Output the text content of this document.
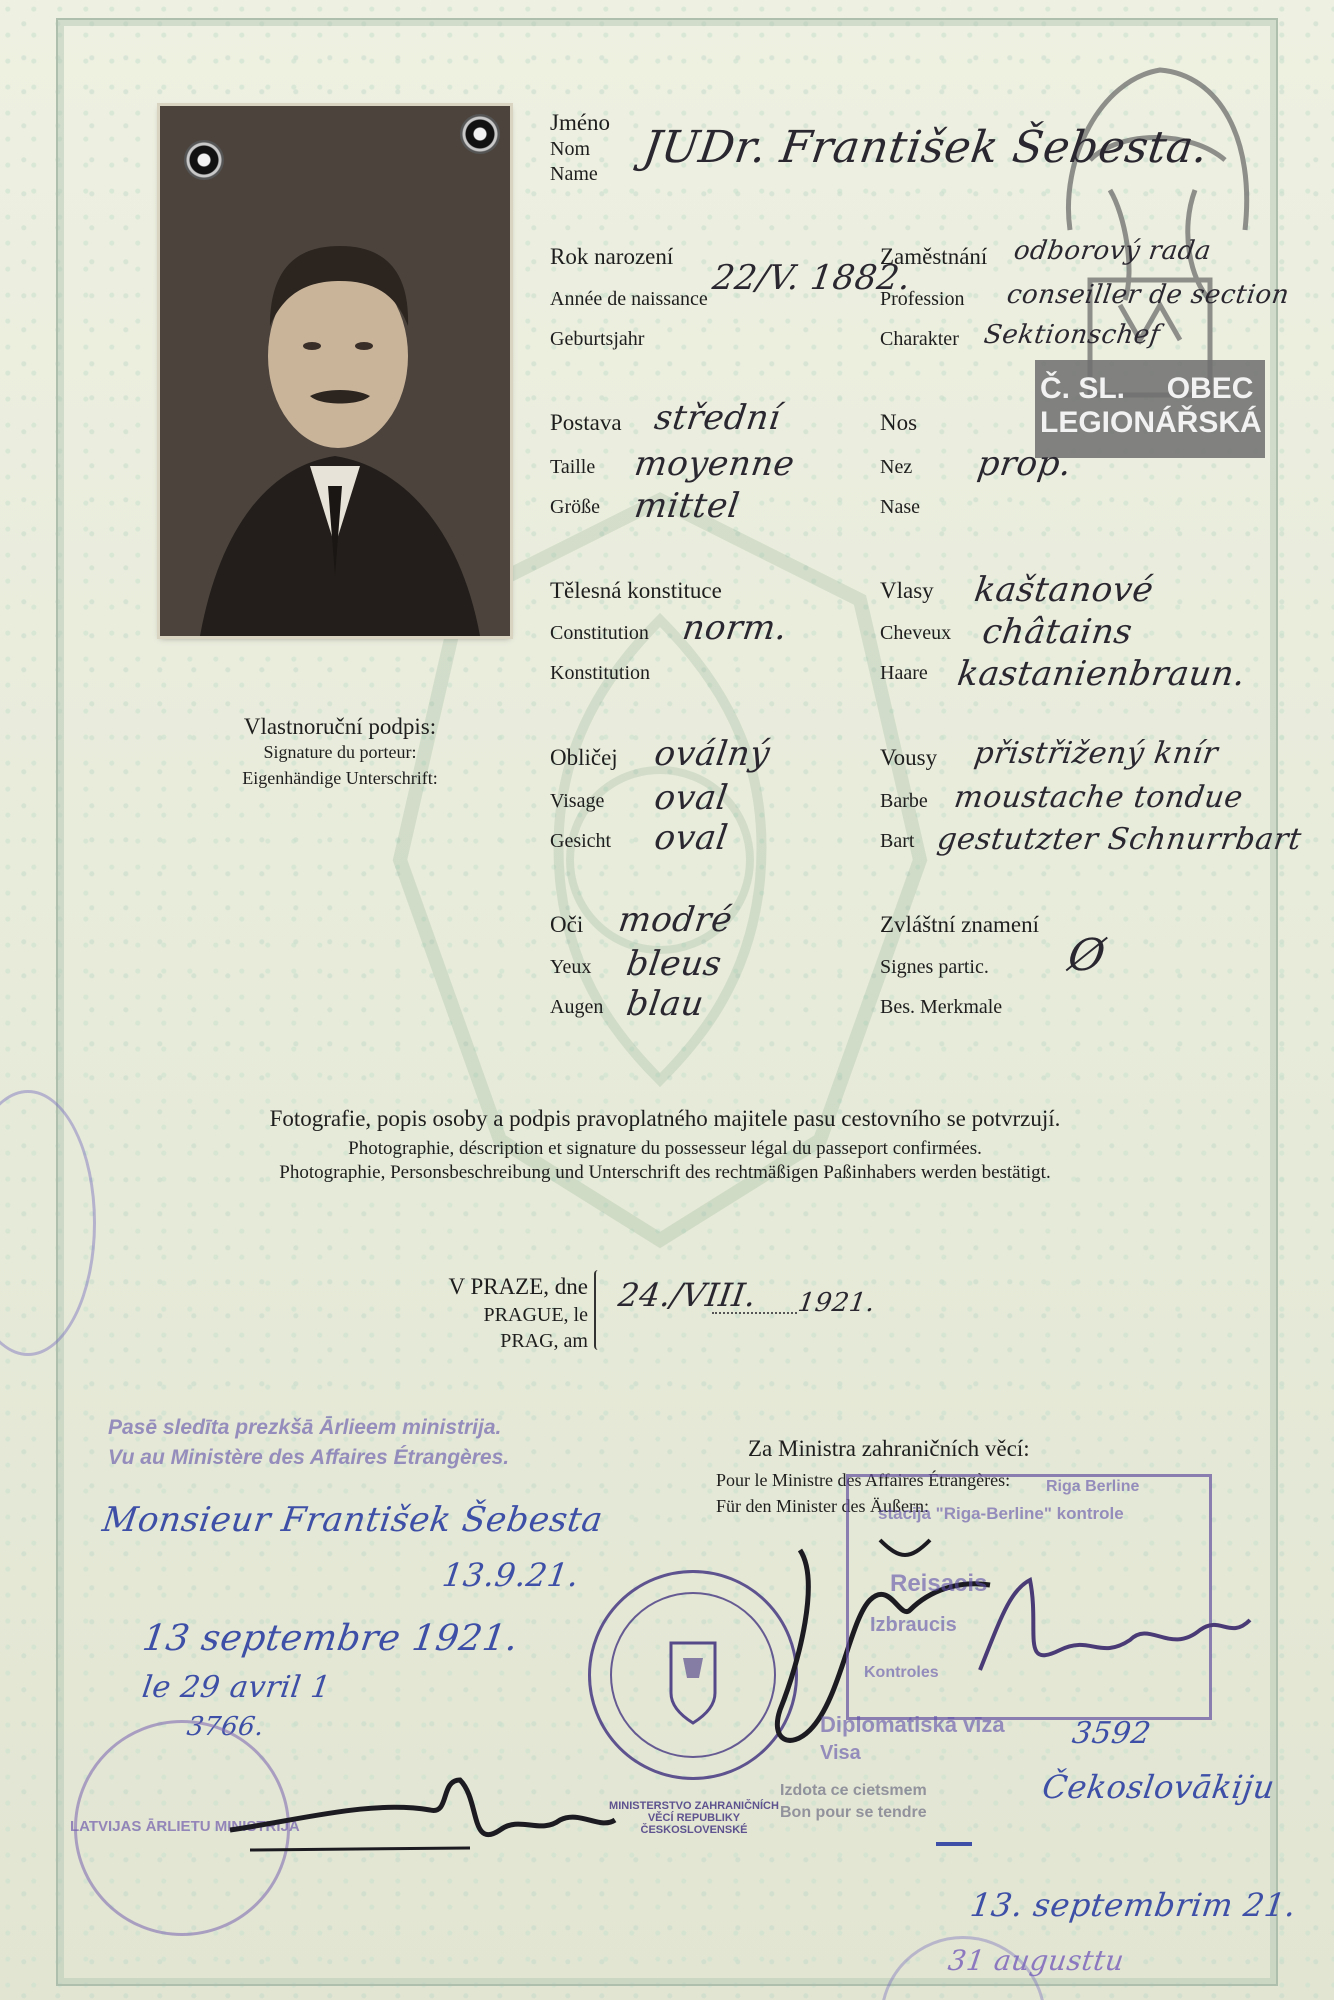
Č. SL. OBEC
LEGIONÁŘSKÁ
Jméno
Nom
Name
JUDr. František Šebesta.
Rok narození
Année de naissance
Geburtsjahr
22/V. 1882.
Zaměstnání
Profession
Charakter
odborový rada
conseiller de section
Sektionschef
Postava
Taille
Größe
střední
moyenne
mittel
Nos
Nez
Nase
prop.
Tělesná konstituce
Constitution
Konstitution
norm.
Vlasy
Cheveux
Haare
kaštanové
châtains
kastanienbraun.
Vlastnoruční podpis:
Signature du porteur:
Eigenhändige Unterschrift:
Obličej
Visage
Gesicht
oválný
oval
oval
Vousy
Barbe
Bart
přistřižený knír
moustache tondue
gestutzter Schnurrbart
Oči
Yeux
Augen
modré
bleus
blau
Zvláštní znamení
Signes partic.
Bes. Merkmale
Ø
Fotografie, popis osoby a podpis pravoplatného majitele pasu cestovního se potvrzují.
Photographie, déscription et signature du possesseur légal du passeport confirmées.
Photographie, Personsbeschreibung und Unterschrift des rechtmäßigen Paßinhabers werden bestätigt.
V PRAZE, dne
PRAGUE, le
PRAG, am
24./VIII. 1921.
Za Ministra zahraničních věcí:
Pour le Ministre des Affaires Étrangères:
Für den Minister des Äußern:
Pasē sledīta prezkšā Ārlieem ministrija.
Vu au Ministère des Affaires Étrangères.
Monsieur František Šebesta
13.9.21.
13 septembre 1921.
le 29 avril 1
3766.
LATVIJAS ĀRLIETU MINISTRIJA
MINISTERSTVO ZAHRANIČNÍCH VĚCÍ REPUBLIKY ČESKOSLOVENSKÉ
Riga Berline
stacija "Riga-Berline" kontrole
Reisacis
Izbraucis
Kontroles
Diplomatiskā vīza
Visa
Izdota ce cietsmem
Bon pour se tendre
3592
Čekoslovākiju
13. septembrim 21.
31 augusttu
